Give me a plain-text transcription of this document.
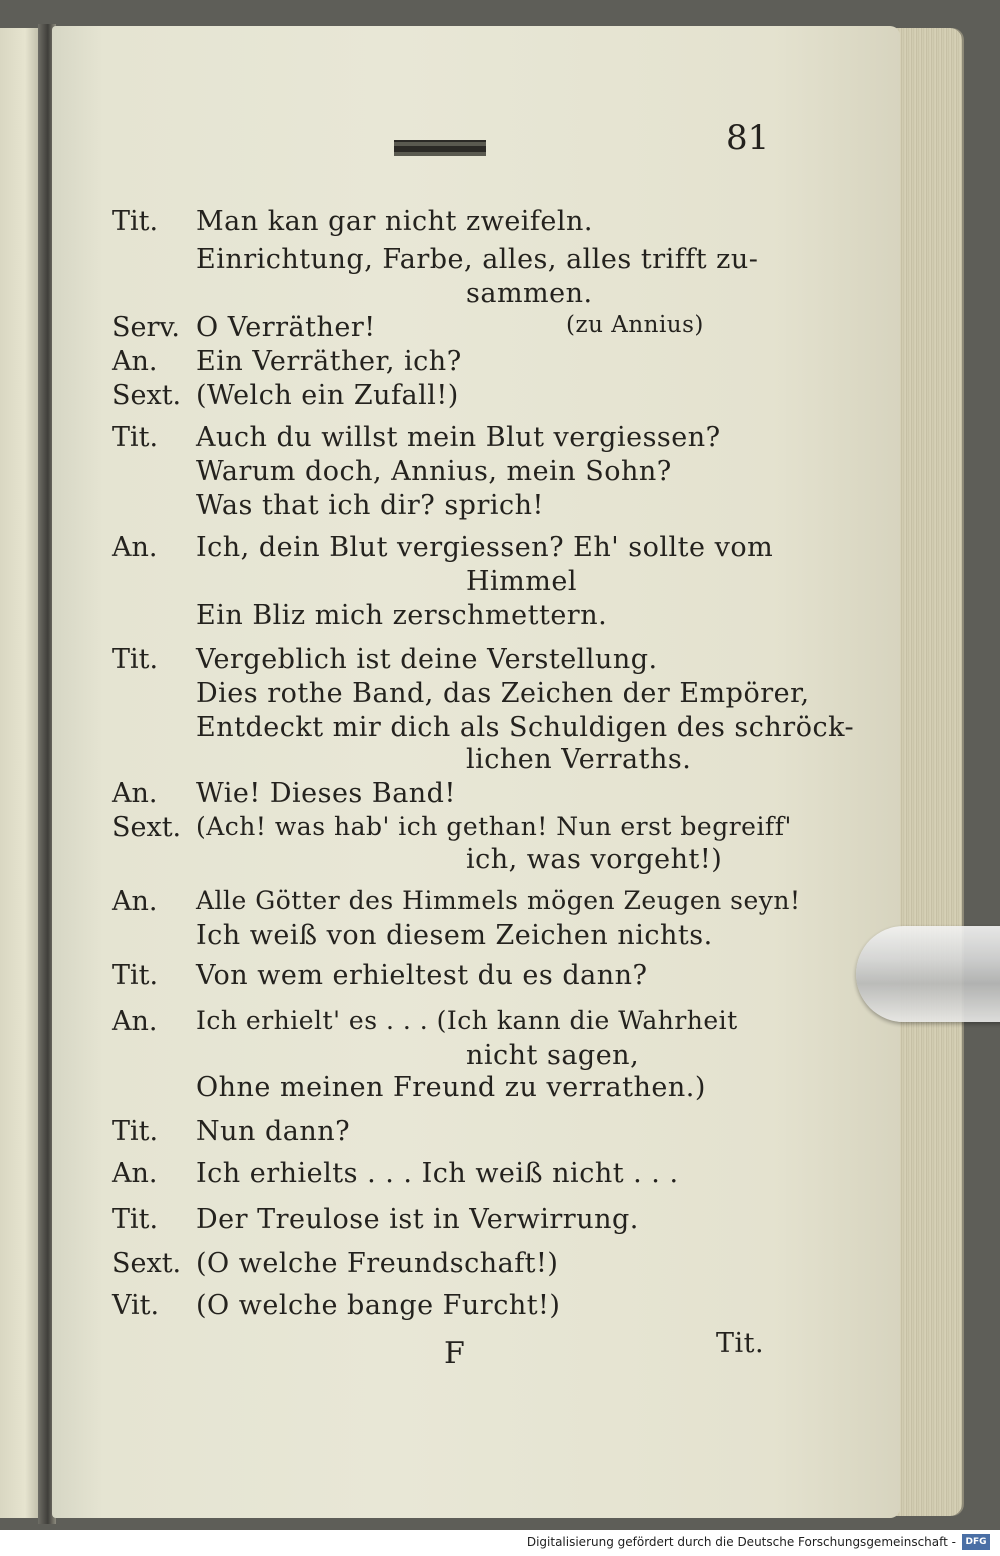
81
Tit. Man kan gar nicht zweifeln.
Einrichtung, Farbe, alles, alles trifft zu-
sammen.
Serv. O Verräther!	(zu Annius)
An. Ein Verräther, ich?
Sext. (Welch ein Zufall!)
Tit. Auch du willst mein Blut vergiessen?
Warum doch, Annius, mein Sohn?
Was that ich dir? sprich!
An. Ich, dein Blut vergiessen? Eh' sollte vom
Himmel
Ein Bliz mich zerschmettern.
Tit. Vergeblich ist deine Verstellung.
Dies rothe Band, das Zeichen der Empörer,
Entdeckt mir dich als Schuldigen des schröck-
lichen Verraths.
An. Wie! Dieses Band!
Sext. (Ach! was hab' ich gethan! Nun erst begreiff'
ich, was vorgeht!)
An. Alle Götter des Himmels mögen Zeugen seyn!
Ich weiß von diesem Zeichen nichts.
Tit. Von wem erhieltest du es dann?
An. Ich erhielt' es . . . (Ich kann die Wahrheit
nicht sagen,
Ohne meinen Freund zu verrathen.)
Tit. Nun dann?
An. Ich erhielts . . . Ich weiß nicht . . .
Tit. Der Treulose ist in Verwirrung.
Sext. (O welche Freundschaft!)
Vit. (O welche bange Furcht!)
F	Tit.
Digitalisierung gefördert durch die Deutsche Forschungsgemeinschaft -	DFG
